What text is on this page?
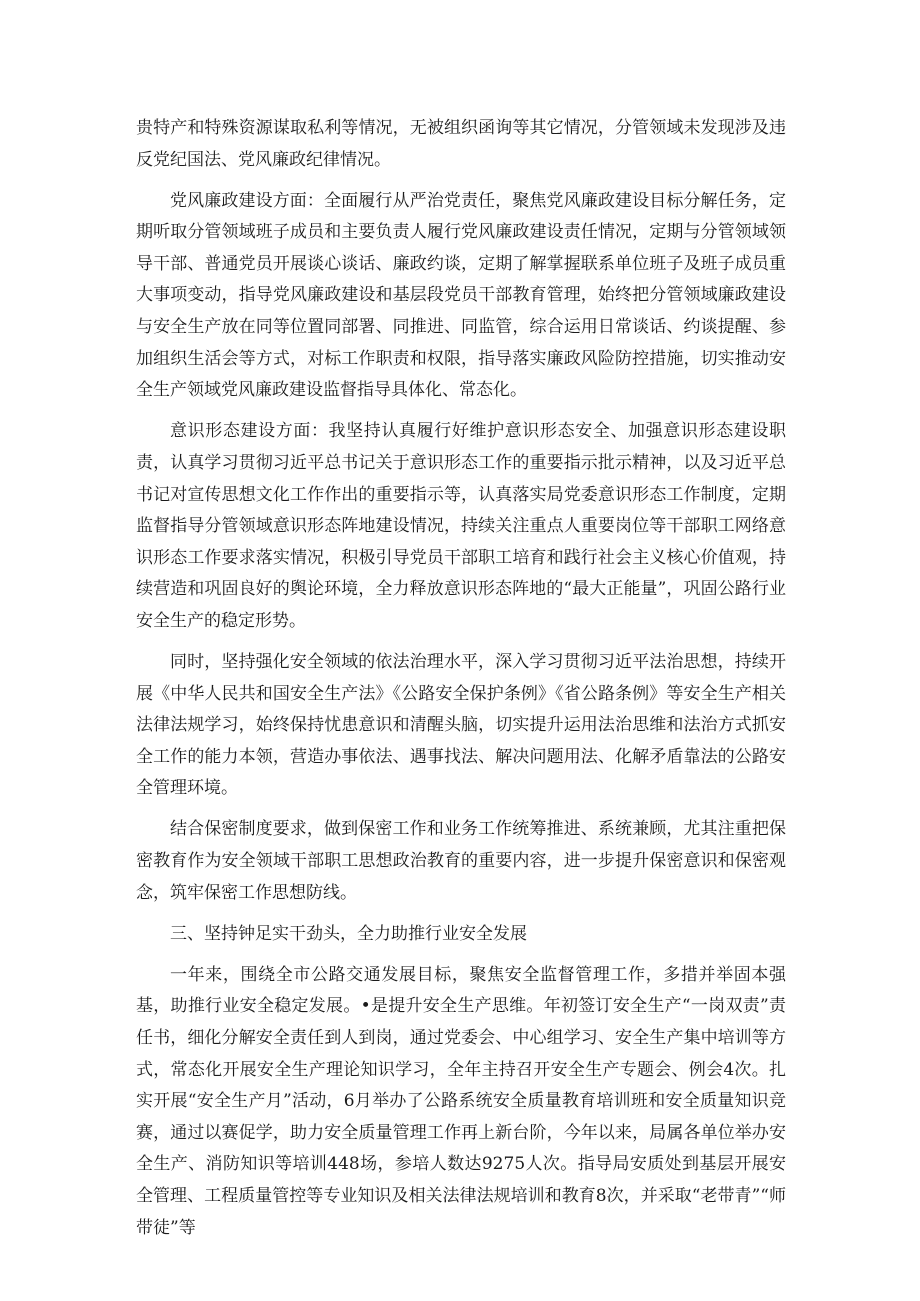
贵特产和特殊资源谋取私利等情况，无被组织函询等其它情况，分管领域未发现涉及违反党纪国法、党风廉政纪律情况。

党风廉政建设方面：全面履行从严治党责任，聚焦党风廉政建设目标分解任务，定期听取分管领域班子成员和主要负责人履行党风廉政建设责任情况，定期与分管领域领导干部、普通党员开展谈心谈话、廉政约谈，定期了解掌握联系单位班子及班子成员重大事项变动，指导党风廉政建设和基层段党员干部教育管理，始终把分管领域廉政建设与安全生产放在同等位置同部署、同推进、同监管，综合运用日常谈话、约谈提醒、参加组织生活会等方式，对标工作职责和权限，指导落实廉政风险防控措施，切实推动安全生产领域党风廉政建设监督指导具体化、常态化。

意识形态建设方面：我坚持认真履行好维护意识形态安全、加强意识形态建设职责，认真学习贯彻习近平总书记关于意识形态工作的重要指示批示精神，以及习近平总书记对宣传思想文化工作作出的重要指示等，认真落实局党委意识形态工作制度，定期监督指导分管领域意识形态阵地建设情况，持续关注重点人重要岗位等干部职工网络意识形态工作要求落实情况，积极引导党员干部职工培育和践行社会主义核心价值观，持续营造和巩固良好的舆论环境，全力释放意识形态阵地的“最大正能量”，巩固公路行业安全生产的稳定形势。

同时，坚持强化安全领域的依法治理水平，深入学习贯彻习近平法治思想，持续开展《中华人民共和国安全生产法》《公路安全保护条例》《省公路条例》等安全生产相关法律法规学习，始终保持忧患意识和清醒头脑，切实提升运用法治思维和法治方式抓安全工作的能力本领，营造办事依法、遇事找法、解决问题用法、化解矛盾靠法的公路安全管理环境。

结合保密制度要求，做到保密工作和业务工作统筹推进、系统兼顾，尤其注重把保密教育作为安全领域干部职工思想政治教育的重要内容，进一步提升保密意识和保密观念，筑牢保密工作思想防线。

三、坚持钟足实干劲头，全力助推行业安全发展

一年来，围绕全市公路交通发展目标，聚焦安全监督管理工作，多措并举固本强基，助推行业安全稳定发展。•是提升安全生产思维。年初签订安全生产“一岗双责”责任书，细化分解安全责任到人到岗，通过党委会、中心组学习、安全生产集中培训等方式，常态化开展安全生产理论知识学习，全年主持召开安全生产专题会、例会4次。扎实开展“安全生产月”活动，6月举办了公路系统安全质量教育培训班和安全质量知识竞赛，通过以赛促学，助力安全质量管理工作再上新台阶，今年以来，局属各单位举办安全生产、消防知识等培训448场，参培人数达9275人次。指导局安质处到基层开展安全管理、工程质量管控等专业知识及相关法律法规培训和教育8次，并采取“老带青”“师带徒”等
